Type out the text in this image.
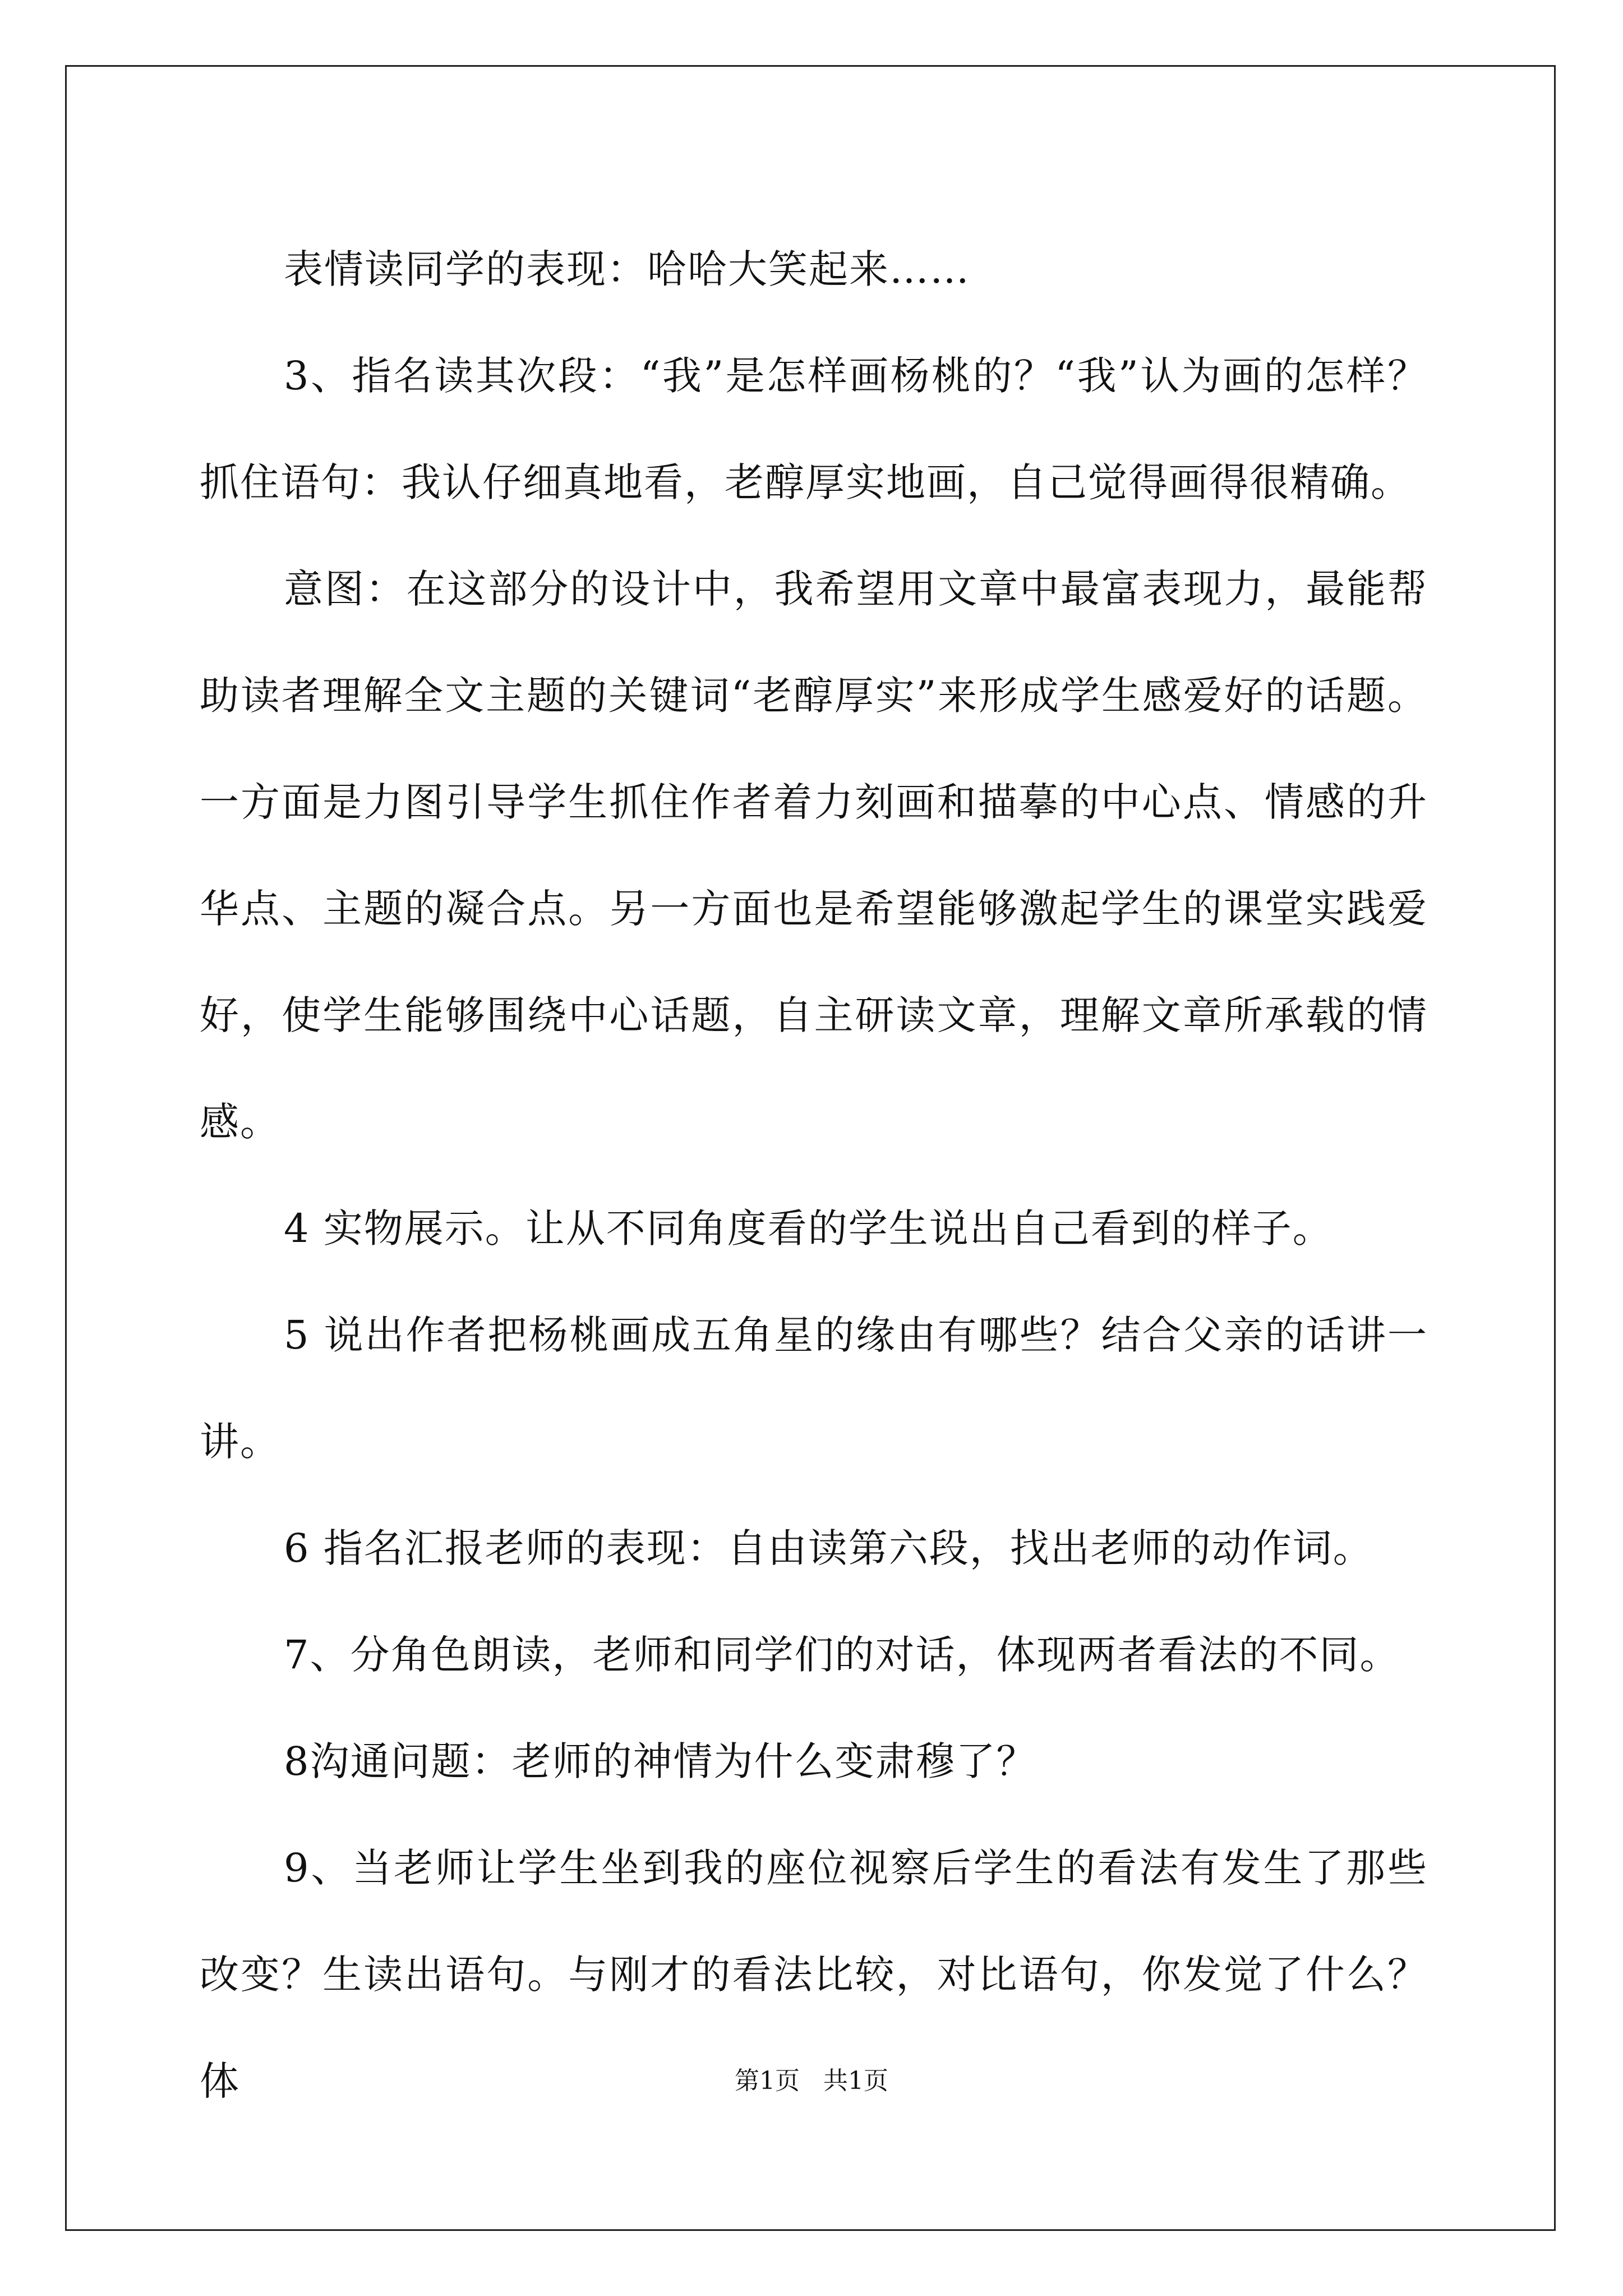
表情读同学的表现：哈哈大笑起来……

3、指名读其次段：“我”是怎样画杨桃的？“我”认为画的怎样？抓住语句：我认仔细真地看，老醇厚实地画，自己觉得画得很精确。

意图：在这部分的设计中，我希望用文章中最富表现力，最能帮助读者理解全文主题的关键词“老醇厚实”来形成学生感爱好的话题。一方面是力图引导学生抓住作者着力刻画和描摹的中心点、情感的升华点、主题的凝合点。另一方面也是希望能够激起学生的课堂实践爱好，使学生能够围绕中心话题，自主研读文章，理解文章所承载的情感。

4 实物展示。让从不同角度看的学生说出自己看到的样子。

5 说出作者把杨桃画成五角星的缘由有哪些？结合父亲的话讲一讲。

6 指名汇报老师的表现：自由读第六段，找出老师的动作词。

7、分角色朗读，老师和同学们的对话，体现两者看法的不同。

8沟通问题：老师的神情为什么变肃穆了？

9、当老师让学生坐到我的座位视察后学生的看法有发生了那些改变？生读出语句。与刚才的看法比较，对比语句，你发觉了什么？体	第1页 共1页
